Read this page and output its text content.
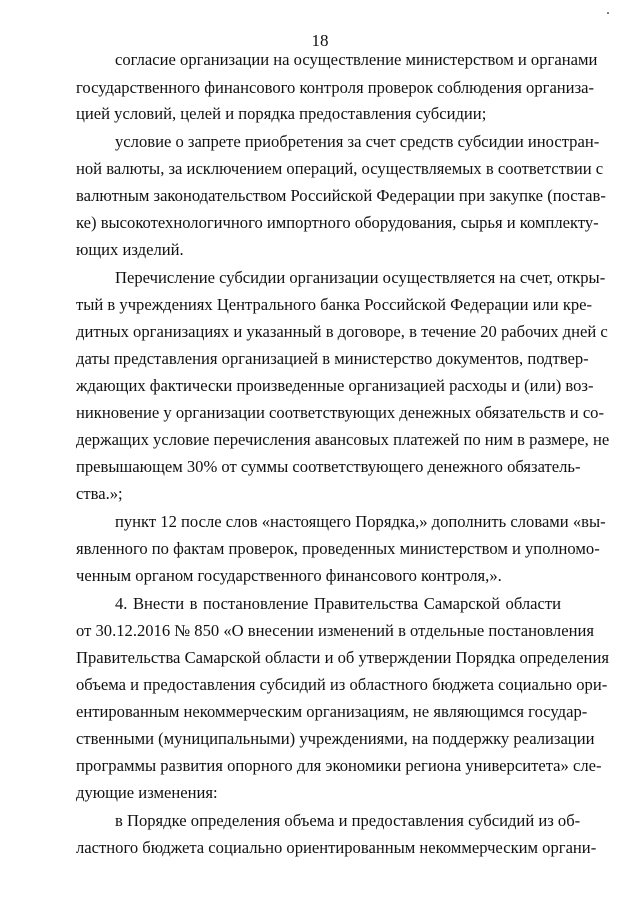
18
согласие организации на осуществление министерством и органами
государственного финансового контроля проверок соблюдения организа-
цией условий, целей и порядка предоставления субсидии;
условие о запрете приобретения за счет средств субсидии иностран-
ной валюты, за исключением операций, осуществляемых в соответствии с
валютным законодательством Российской Федерации при закупке (постав-
ке) высокотехнологичного импортного оборудования, сырья и комплекту-
ющих изделий.
Перечисление субсидии организации осуществляется на счет, откры-
тый в учреждениях Центрального банка Российской Федерации или кре-
дитных организациях и указанный в договоре, в течение 20 рабочих дней с
даты представления организацией в министерство документов, подтвер-
ждающих фактически произведенные организацией расходы и (или) воз-
никновение у организации соответствующих денежных обязательств и со-
держащих условие перечисления авансовых платежей по ним в размере, не
превышающем 30% от суммы соответствующего денежного обязатель-
ства.»;
пункт 12 после слов «настоящего Порядка,» дополнить словами «вы-
явленного по фактам проверок, проведенных министерством и уполномо-
ченным органом государственного финансового контроля,».
4. Внести в постановление Правительства Самарской области
от 30.12.2016 № 850 «О внесении изменений в отдельные постановления
Правительства Самарской области и об утверждении Порядка определения
объема и предоставления субсидий из областного бюджета социально ори-
ентированным некоммерческим организациям, не являющимся государ-
ственными (муниципальными) учреждениями, на поддержку реализации
программы развития опорного для экономики региона университета» сле-
дующие изменения:
в Порядке определения объема и предоставления субсидий из об-
ластного бюджета социально ориентированным некоммерческим органи-
